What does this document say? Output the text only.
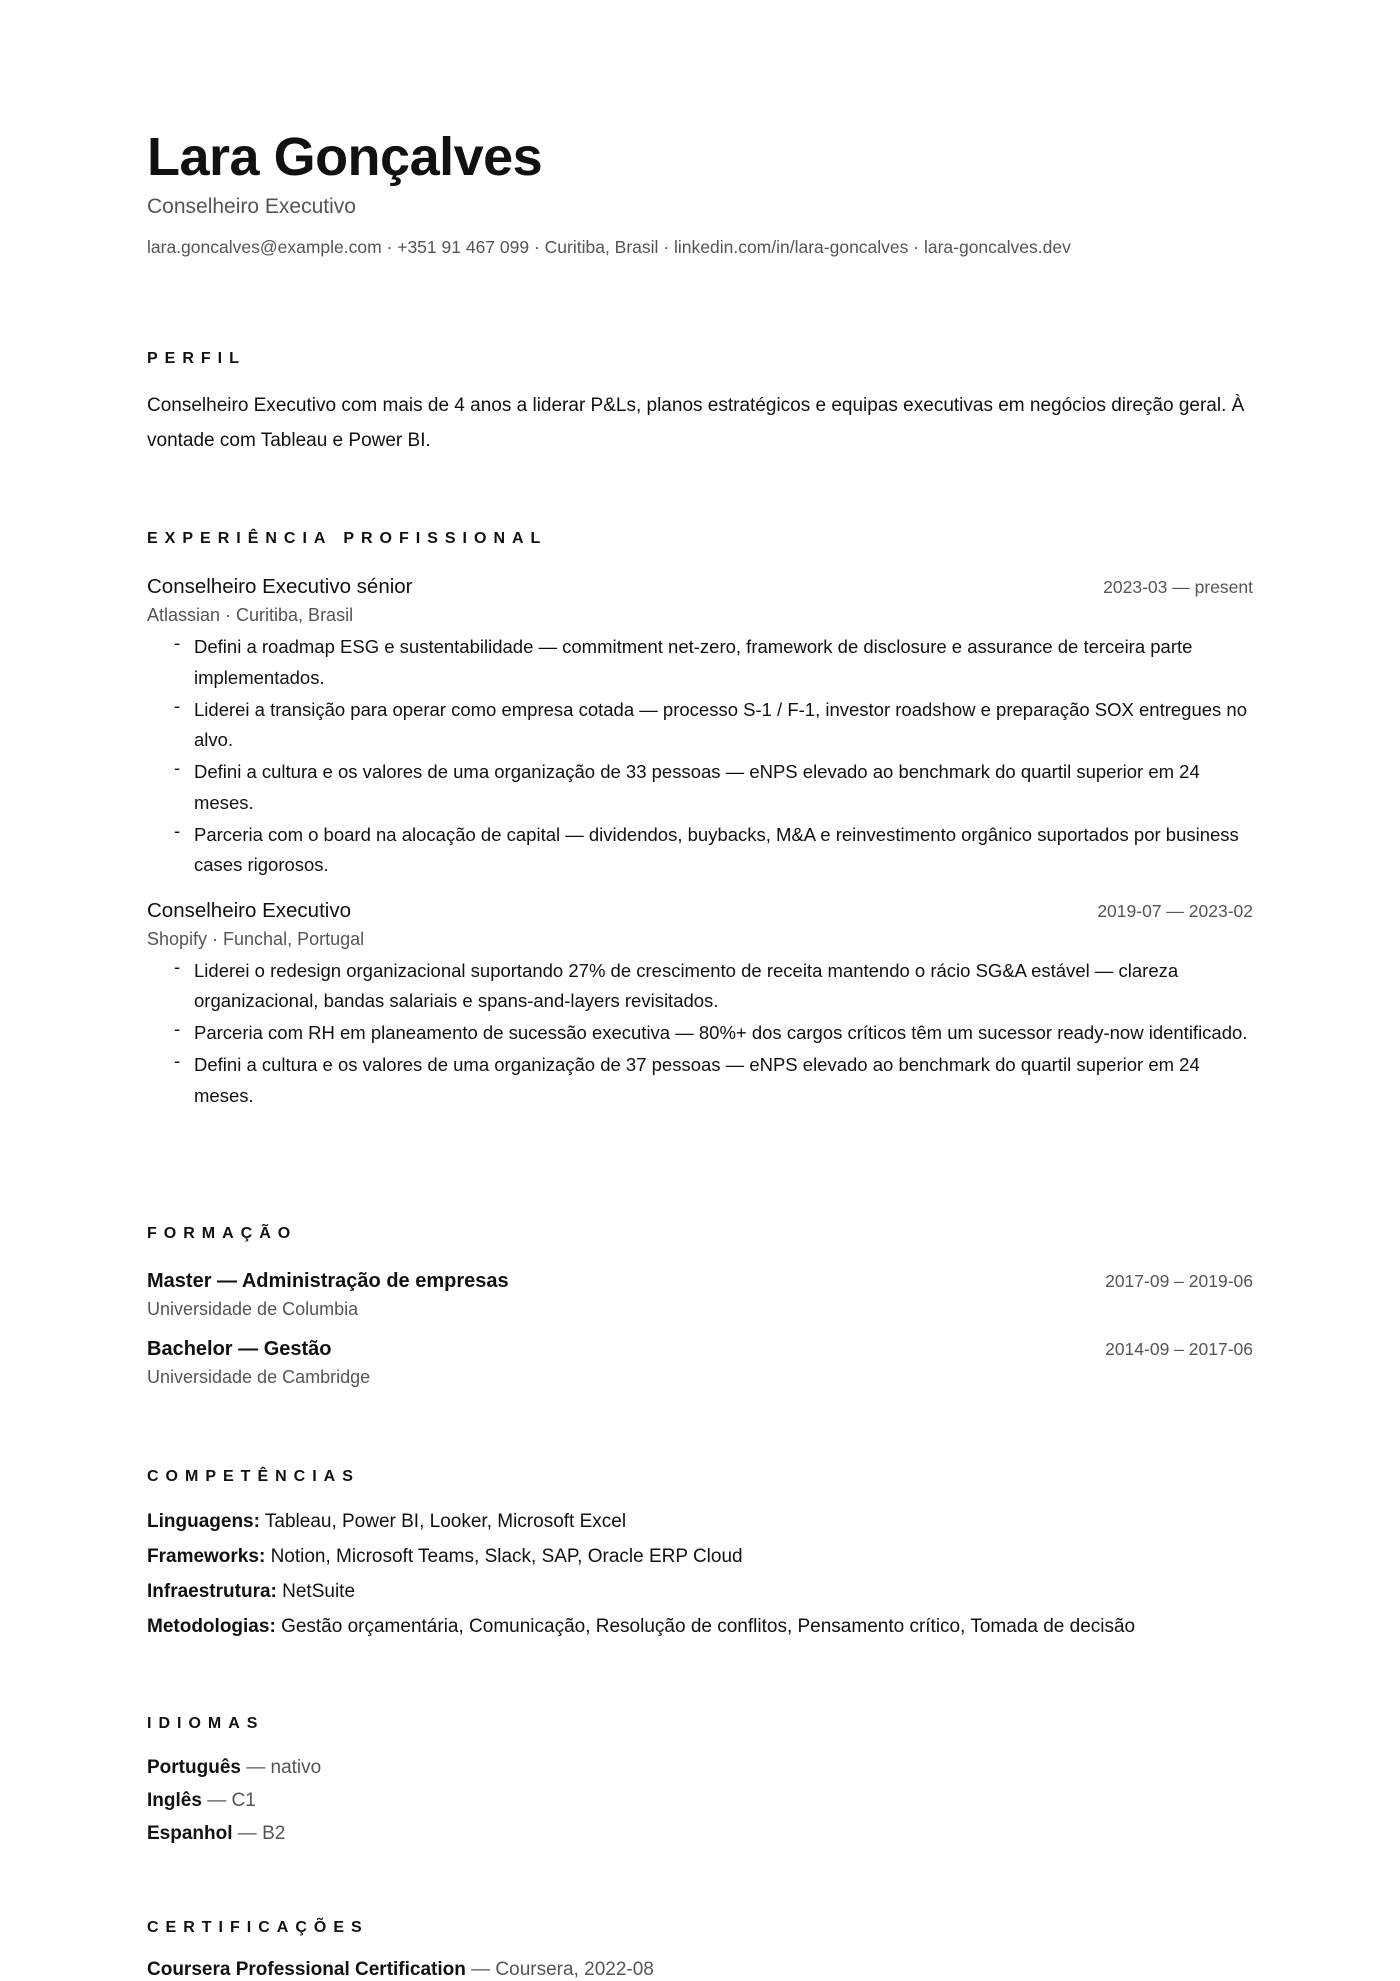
Lara Gonçalves
Conselheiro Executivo
lara.goncalves@example.com · +351 91 467 099 · Curitiba, Brasil · linkedin.com/in/lara-goncalves · lara-goncalves.dev
PERFIL
Conselheiro Executivo com mais de 4 anos a liderar P&Ls, planos estratégicos e equipas executivas em negócios direção geral. À vontade com Tableau e Power BI.
EXPERIÊNCIA PROFISSIONAL
Conselheiro Executivo sénior	2023-03 — present
Atlassian · Curitiba, Brasil
- Defini a roadmap ESG e sustentabilidade — commitment net-zero, framework de disclosure e assurance de terceira parte implementados.
- Liderei a transição para operar como empresa cotada — processo S-1 / F-1, investor roadshow e preparação SOX entregues no alvo.
- Defini a cultura e os valores de uma organização de 33 pessoas — eNPS elevado ao benchmark do quartil superior em 24 meses.
- Parceria com o board na alocação de capital — dividendos, buybacks, M&A e reinvestimento orgânico suportados por business cases rigorosos.
Conselheiro Executivo	2019-07 — 2023-02
Shopify · Funchal, Portugal
- Liderei o redesign organizacional suportando 27% de crescimento de receita mantendo o rácio SG&A estável — clareza organizacional, bandas salariais e spans-and-layers revisitados.
- Parceria com RH em planeamento de sucessão executiva — 80%+ dos cargos críticos têm um sucessor ready-now identificado.
- Defini a cultura e os valores de uma organização de 37 pessoas — eNPS elevado ao benchmark do quartil superior em 24 meses.
FORMAÇÃO
Master — Administração de empresas	2017-09 – 2019-06
Universidade de Columbia
Bachelor — Gestão	2014-09 – 2017-06
Universidade de Cambridge
COMPETÊNCIAS
Linguagens: Tableau, Power BI, Looker, Microsoft Excel
Frameworks: Notion, Microsoft Teams, Slack, SAP, Oracle ERP Cloud
Infraestrutura: NetSuite
Metodologias: Gestão orçamentária, Comunicação, Resolução de conflitos, Pensamento crítico, Tomada de decisão
IDIOMAS
Português — nativo
Inglês — C1
Espanhol — B2
CERTIFICAÇÕES
Coursera Professional Certification — Coursera, 2022-08
